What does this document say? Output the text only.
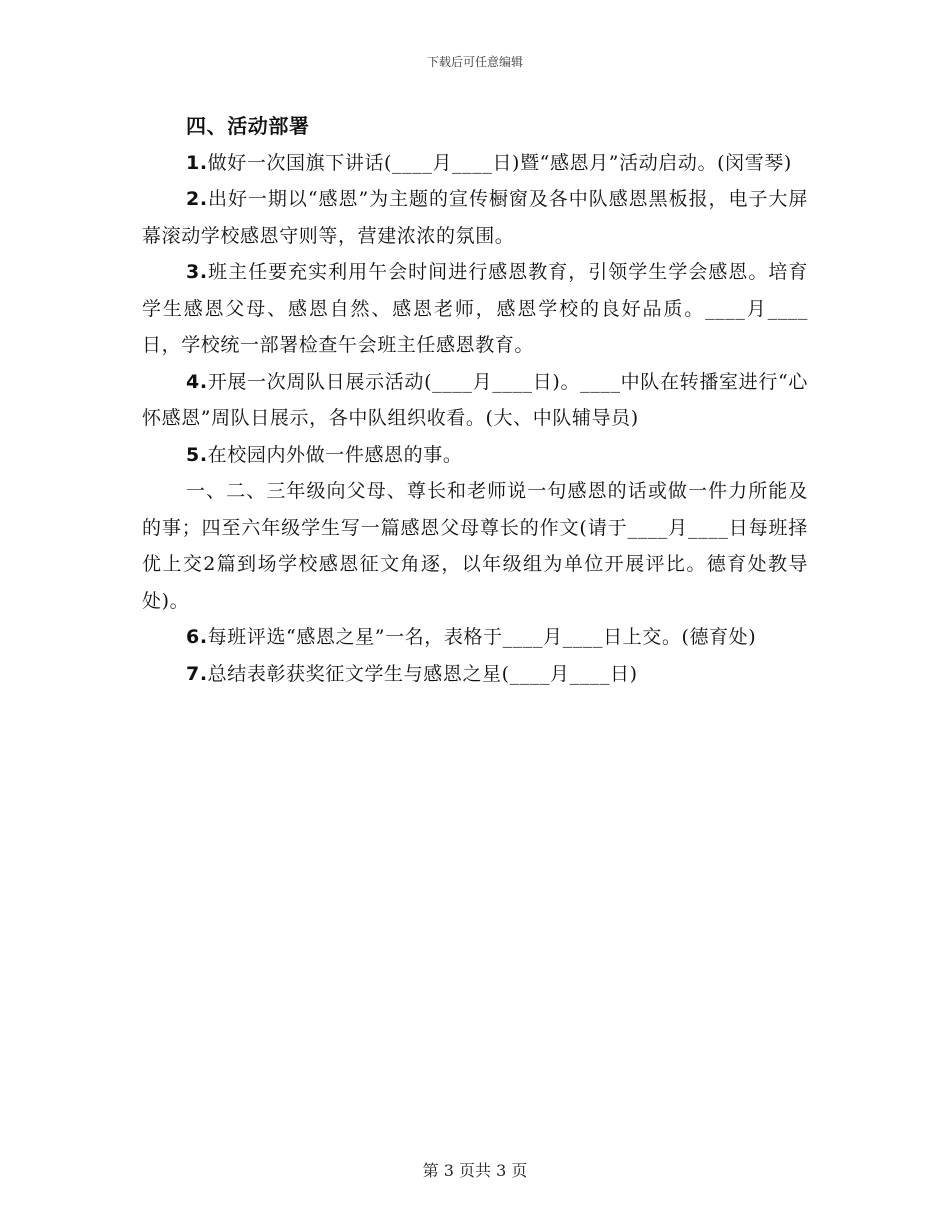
下载后可任意编辑
四、活动部署

1.做好一次国旗下讲话(____月____日)暨“感恩月”活动启动。(闵雪琴)

2.出好一期以“感恩”为主题的宣传橱窗及各中队感恩黑板报，电子大屏幕滚动学校感恩守则等，营建浓浓的氛围。

3.班主任要充实利用午会时间进行感恩教育，引领学生学会感恩。培育学生感恩父母、感恩自然、感恩老师，感恩学校的良好品质。____月____日，学校统一部署检查午会班主任感恩教育。

4.开展一次周队日展示活动(____月____日)。____中队在转播室进行“心怀感恩”周队日展示，各中队组织收看。(大、中队辅导员)

5.在校园内外做一件感恩的事。

一、二、三年级向父母、尊长和老师说一句感恩的话或做一件力所能及的事；四至六年级学生写一篇感恩父母尊长的作文(请于____月____日每班择优上交2篇到场学校感恩征文角逐，以年级组为单位开展评比。德育处教导处)。

6.每班评选“感恩之星”一名，表格于____月____日上交。(德育处)

7.总结表彰获奖征文学生与感恩之星(____月____日)

第 3 页共 3 页
